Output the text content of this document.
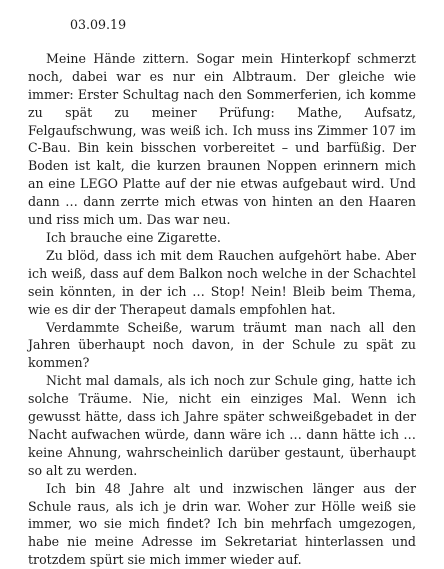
03.09.19

Meine Hände zittern. Sogar mein Hinterkopf schmerzt noch, dabei war es nur ein Albtraum. Der gleiche wie immer: Erster Schultag nach den Sommerferien, ich komme zu spät zu meiner Prüfung: Mathe, Aufsatz, Felgaufschwung, was weiß ich. Ich muss ins Zimmer 107 im C-Bau. Bin kein bisschen vorbereitet – und barfüßig. Der Boden ist kalt, die kurzen braunen Noppen erinnern mich an eine LEGO Platte auf der nie etwas aufgebaut wird. Und dann … dann zerrte mich etwas von hinten an den Haaren und riss mich um. Das war neu.

Ich brauche eine Zigarette.

Zu blöd, dass ich mit dem Rauchen aufgehört habe. Aber ich weiß, dass auf dem Balkon noch welche in der Schachtel sein könnten, in der ich … Stop! Nein! Bleib beim Thema, wie es dir der Therapeut damals empfohlen hat.

Verdammte Scheiße, warum träumt man nach all den Jahren überhaupt noch davon, in der Schule zu spät zu kommen?

Nicht mal damals, als ich noch zur Schule ging, hatte ich solche Träume. Nie, nicht ein einziges Mal. Wenn ich gewusst hätte, dass ich Jahre später schweißgebadet in der Nacht aufwachen würde, dann wäre ich … dann hätte ich … keine Ahnung, wahrscheinlich darüber gestaunt, überhaupt so alt zu werden.

Ich bin 48 Jahre alt und inzwischen länger aus der Schule raus, als ich je drin war. Woher zur Hölle weiß sie immer, wo sie mich findet? Ich bin mehrfach umgezogen, habe nie meine Adresse im Sekretariat hinterlassen und trotzdem spürt sie mich immer wieder auf.
